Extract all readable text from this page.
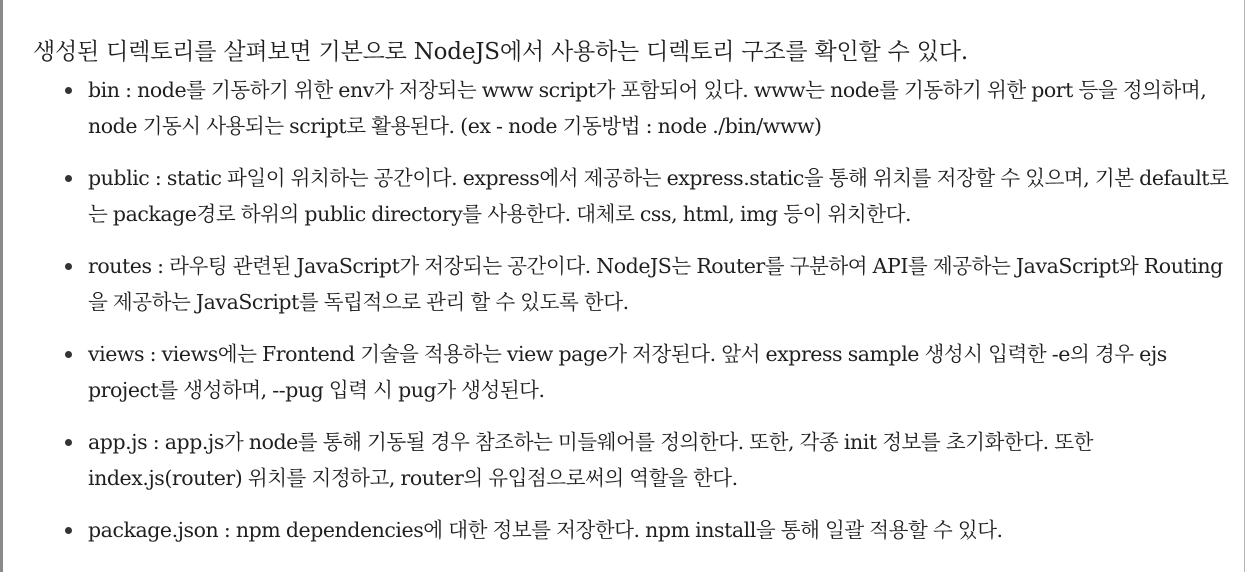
생성된 디렉토리를 살펴보면 기본으로 NodeJS에서 사용하는 디렉토리 구조를 확인할 수 있다.

bin : node를 기동하기 위한 env가 저장되는 www script가 포함되어 있다. www는 node를 기동하기 위한 port 등을 정의하며, node 기동시 사용되는 script로 활용된다. (ex - node 기동방법 : node ./bin/www)
public : static 파일이 위치하는 공간이다. express에서 제공하는 express.static을 통해 위치를 저장할 수 있으며, 기본 default로는 package경로 하위의 public directory를 사용한다. 대체로 css, html, img 등이 위치한다.
routes : 라우팅 관련된 JavaScript가 저장되는 공간이다. NodeJS는 Router를 구분하여 API를 제공하는 JavaScript와 Routing을 제공하는 JavaScript를 독립적으로 관리 할 수 있도록 한다.
views : views에는 Frontend 기술을 적용하는 view page가 저장된다. 앞서 express sample 생성시 입력한 -e의 경우 ejs project를 생성하며, --pug 입력 시 pug가 생성된다.
app.js : app.js가 node를 통해 기동될 경우 참조하는 미들웨어를 정의한다. 또한, 각종 init 정보를 초기화한다. 또한 index.js(router) 위치를 지정하고, router의 유입점으로써의 역할을 한다.
package.json : npm dependencies에 대한 정보를 저장한다. npm install을 통해 일괄 적용할 수 있다.
